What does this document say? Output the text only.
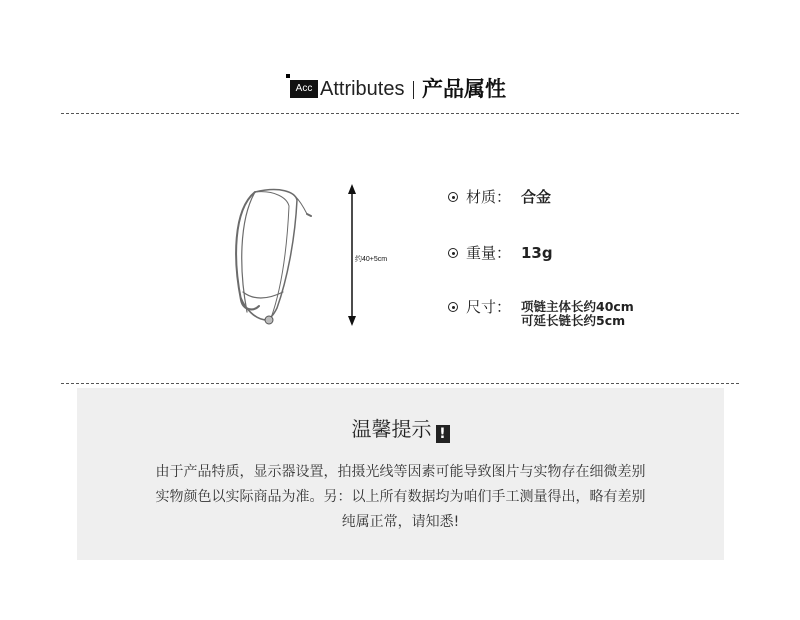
Acc Attributes 产品属性
约40+5cm
材质： 合金
重量： 13g
尺寸： 项链主体长约40cm
可延长链长约5cm
温馨提示 !
由于产品特质，显示器设置，拍摄光线等因素可能导致图片与实物存在细微差别
实物颜色以实际商品为准。另：以上所有数据均为咱们手工测量得出，略有差别
纯属正常，请知悉!
